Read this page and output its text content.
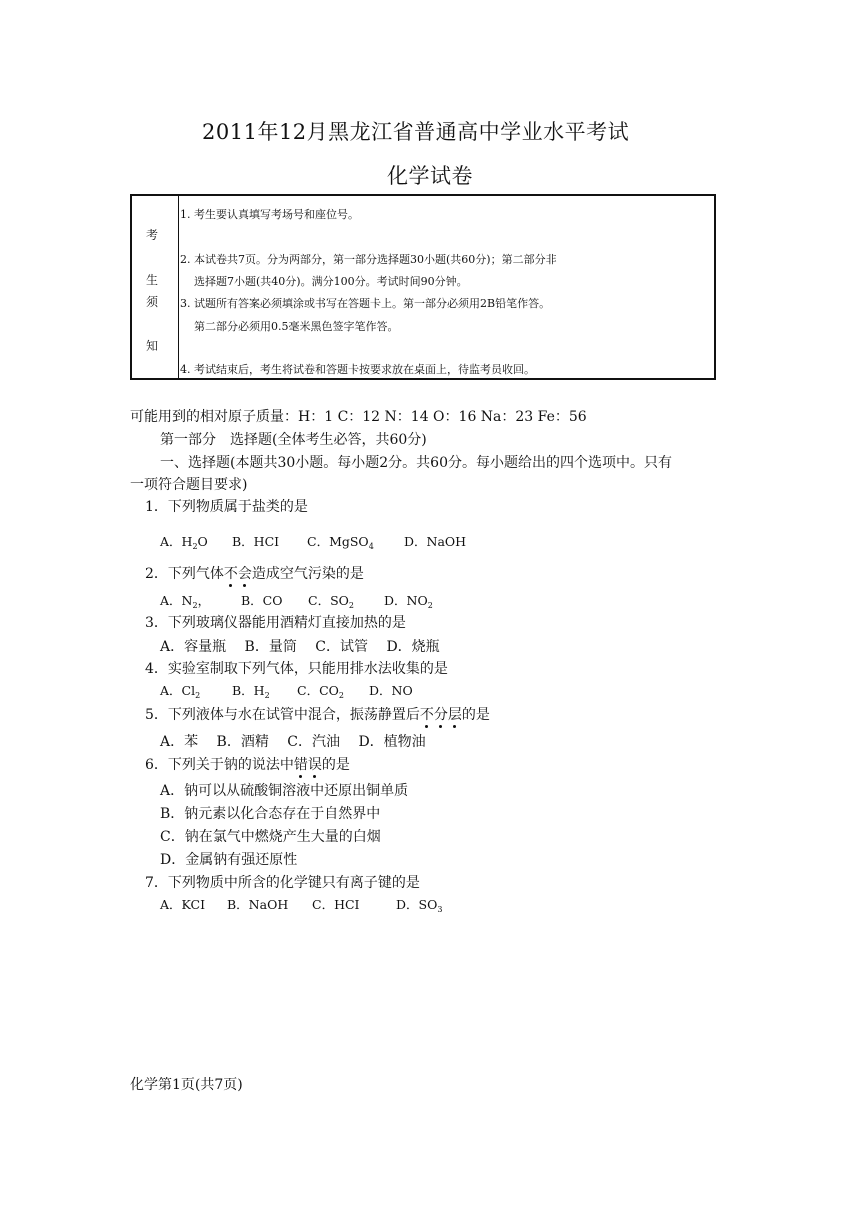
2011年12月黑龙江省普通高中学业水平考试
化学试卷
考
生
须
知
1. 考生要认真填写考场号和座位号。
2. 本试卷共7页。分为两部分，第一部分选择题30小题(共60分)；第二部分非
选择题7小题(共40分)。满分100分。考试时间90分钟。
3. 试题所有答案必须填涂或书写在答题卡上。第一部分必须用2B铅笔作答。
第二部分必须用0.5毫米黑色签字笔作答。
4. 考试结束后，考生将试卷和答题卡按要求放在桌面上，待监考员收回。
可能用到的相对原子质量：H：1 C：12 N：14 O：16 Na：23 Fe：56
第一部分　选择题(全体考生必答，共60分)
一、选择题(本题共30小题。每小题2分。共60分。每小题给出的四个选项中。只有
一项符合题目要求)
1．下列物质属于盐类的是
A．$H_2O$ B．HCI C．MgSO$_4$ D．NaOH
2．下列气体不会造成空气污染的是
A．$N_2$， B．CO C．$SO_2$ D．$NO_2$
3．下列玻璃仪器能用酒精灯直接加热的是
A．容量瓶　 B．量筒　 C．试管　 D．烧瓶
4．实验室制取下列气体，只能用排水法收集的是
A．$Cl_2$	B．$H_2$ C．$CO_2$ D．NO
5．下列液体与水在试管中混合，振荡静置后不分层的是
A．苯　 B．酒精　 C．汽油　 D．植物油
6．下列关于钠的说法中错误的是
A．钠可以从硫酸铜溶液中还原出铜单质
B．钠元素以化合态存在于自然界中
C．钠在氯气中燃烧产生大量的白烟
D．金属钠有强还原性
7．下列物质中所含的化学键只有离子键的是
A．KCI B．NaOH C．HCI	D．$SO_3$
化学第1页(共7页)
